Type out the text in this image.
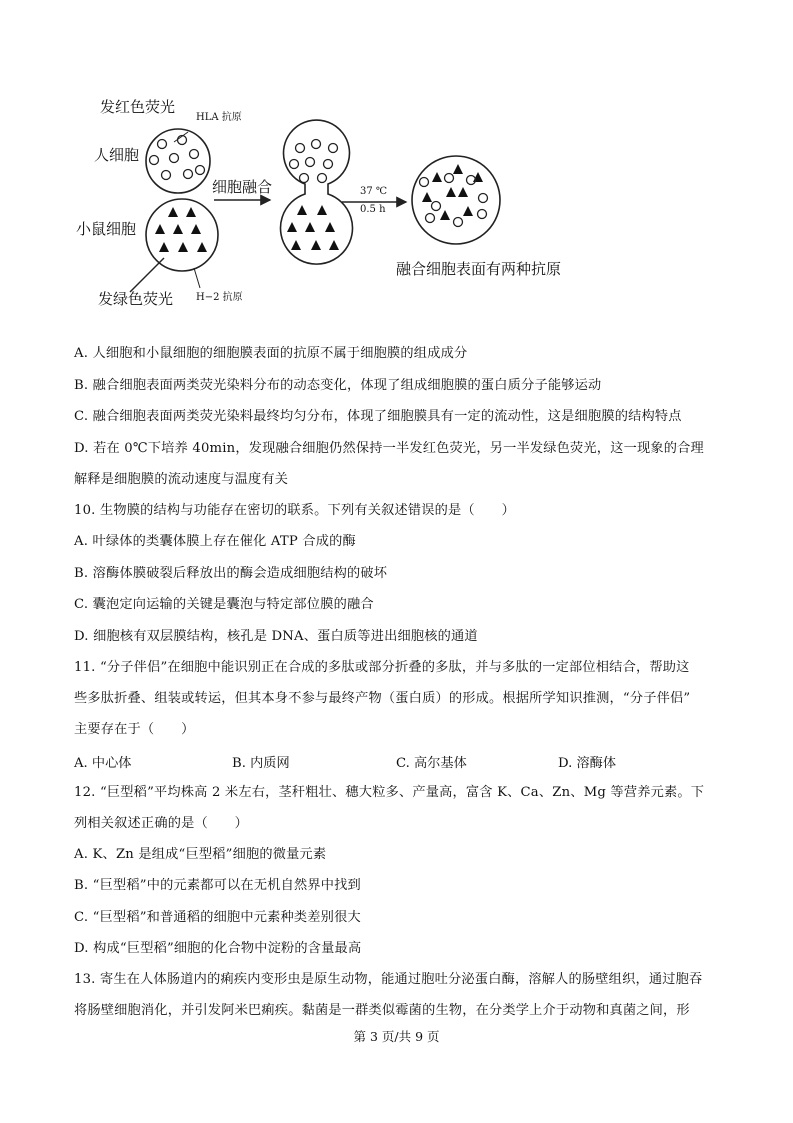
发红色荧光
HLA 抗原
人细胞
细胞融合	37 ℃
0.5 h
小鼠细胞
发绿色荧光 H−2 抗原
融合细胞表面有两种抗原
A. 人细胞和小鼠细胞的细胞膜表面的抗原不属于细胞膜的组成成分
B. 融合细胞表面两类荧光染料分布的动态变化，体现了组成细胞膜的蛋白质分子能够运动
C. 融合细胞表面两类荧光染料最终均匀分布，体现了细胞膜具有一定的流动性，这是细胞膜的结构特点
D. 若在 0℃下培养 40min，发现融合细胞仍然保持一半发红色荧光，另一半发绿色荧光，这一现象的合理
解释是细胞膜的流动速度与温度有关
10. 生物膜的结构与功能存在密切的联系。下列有关叙述错误的是（　　）
A. 叶绿体的类囊体膜上存在催化 ATP 合成的酶
B. 溶酶体膜破裂后释放出的酶会造成细胞结构的破坏
C. 囊泡定向运输的关键是囊泡与特定部位膜的融合
D. 细胞核有双层膜结构，核孔是 DNA、蛋白质等进出细胞核的通道
11. “分子伴侣”在细胞中能识别正在合成的多肽或部分折叠的多肽，并与多肽的一定部位相结合，帮助这
些多肽折叠、组装或转运，但其本身不参与最终产物（蛋白质）的形成。根据所学知识推测，“分子伴侣”
主要存在于（　　）
A. 中心体	B. 内质网	C. 高尔基体	D. 溶酶体
12. “巨型稻”平均株高 2 米左右，茎秆粗壮、穗大粒多、产量高，富含 K、Ca、Zn、Mg 等营养元素。下
列相关叙述正确的是（　　）
A. K、Zn 是组成“巨型稻”细胞的微量元素
B. “巨型稻”中的元素都可以在无机自然界中找到
C. “巨型稻”和普通稻的细胞中元素种类差别很大
D. 构成“巨型稻”细胞的化合物中淀粉的含量最高
13. 寄生在人体肠道内的痢疾内变形虫是原生动物，能通过胞吐分泌蛋白酶，溶解人的肠壁组织，通过胞吞
将肠壁细胞消化，并引发阿米巴痢疾。黏菌是一群类似霉菌的生物，在分类学上介于动物和真菌之间，形
第 3 页/共 9 页
